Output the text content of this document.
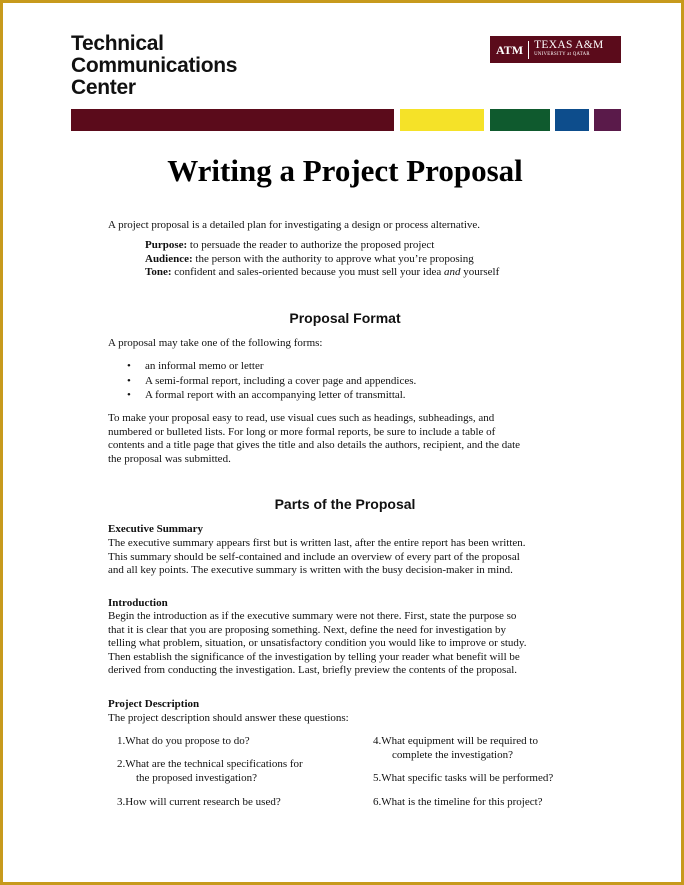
Technical
Communications
Center
ATM TEXAS A&M
UNIVERSITY at QATAR
Writing a Project Proposal

A project proposal is a detailed plan for investigating a design or process alternative.

Purpose: to persuade the reader to authorize the proposed project

Audience: the person with the authority to approve what you’re proposing

Tone: confident and sales-oriented because you must sell your idea and yourself

Proposal Format

A proposal may take one of the following forms:

• an informal memo or letter
• A semi-formal report, including a cover page and appendices.
• A formal report with an accompanying letter of transmittal.

To make your proposal easy to read, use visual cues such as headings, subheadings, and
numbered or bulleted lists. For long or more formal reports, be sure to include a table of
contents and a title page that gives the title and also details the authors, recipient, and the date
the proposal was submitted.

Parts of the Proposal

Executive Summary

The executive summary appears first but is written last, after the entire report has been written.
This summary should be self-contained and include an overview of every part of the proposal
and all key points. The executive summary is written with the busy decision-maker in mind.

Introduction

Begin the introduction as if the executive summary were not there. First, state the purpose so
that it is clear that you are proposing something. Next, define the need for investigation by
telling what problem, situation, or unsatisfactory condition you would like to improve or study.
Then establish the significance of the investigation by telling your reader what benefit will be
derived from conducting the investigation. Last, briefly preview the contents of the proposal.

Project Description

The project description should answer these questions:

1.What do you propose to do?

2.What are the technical specifications for
the proposed investigation?

3.How will current research be used?

4.What equipment will be required to
complete the investigation?

5.What specific tasks will be performed?

6.What is the timeline for this project?
